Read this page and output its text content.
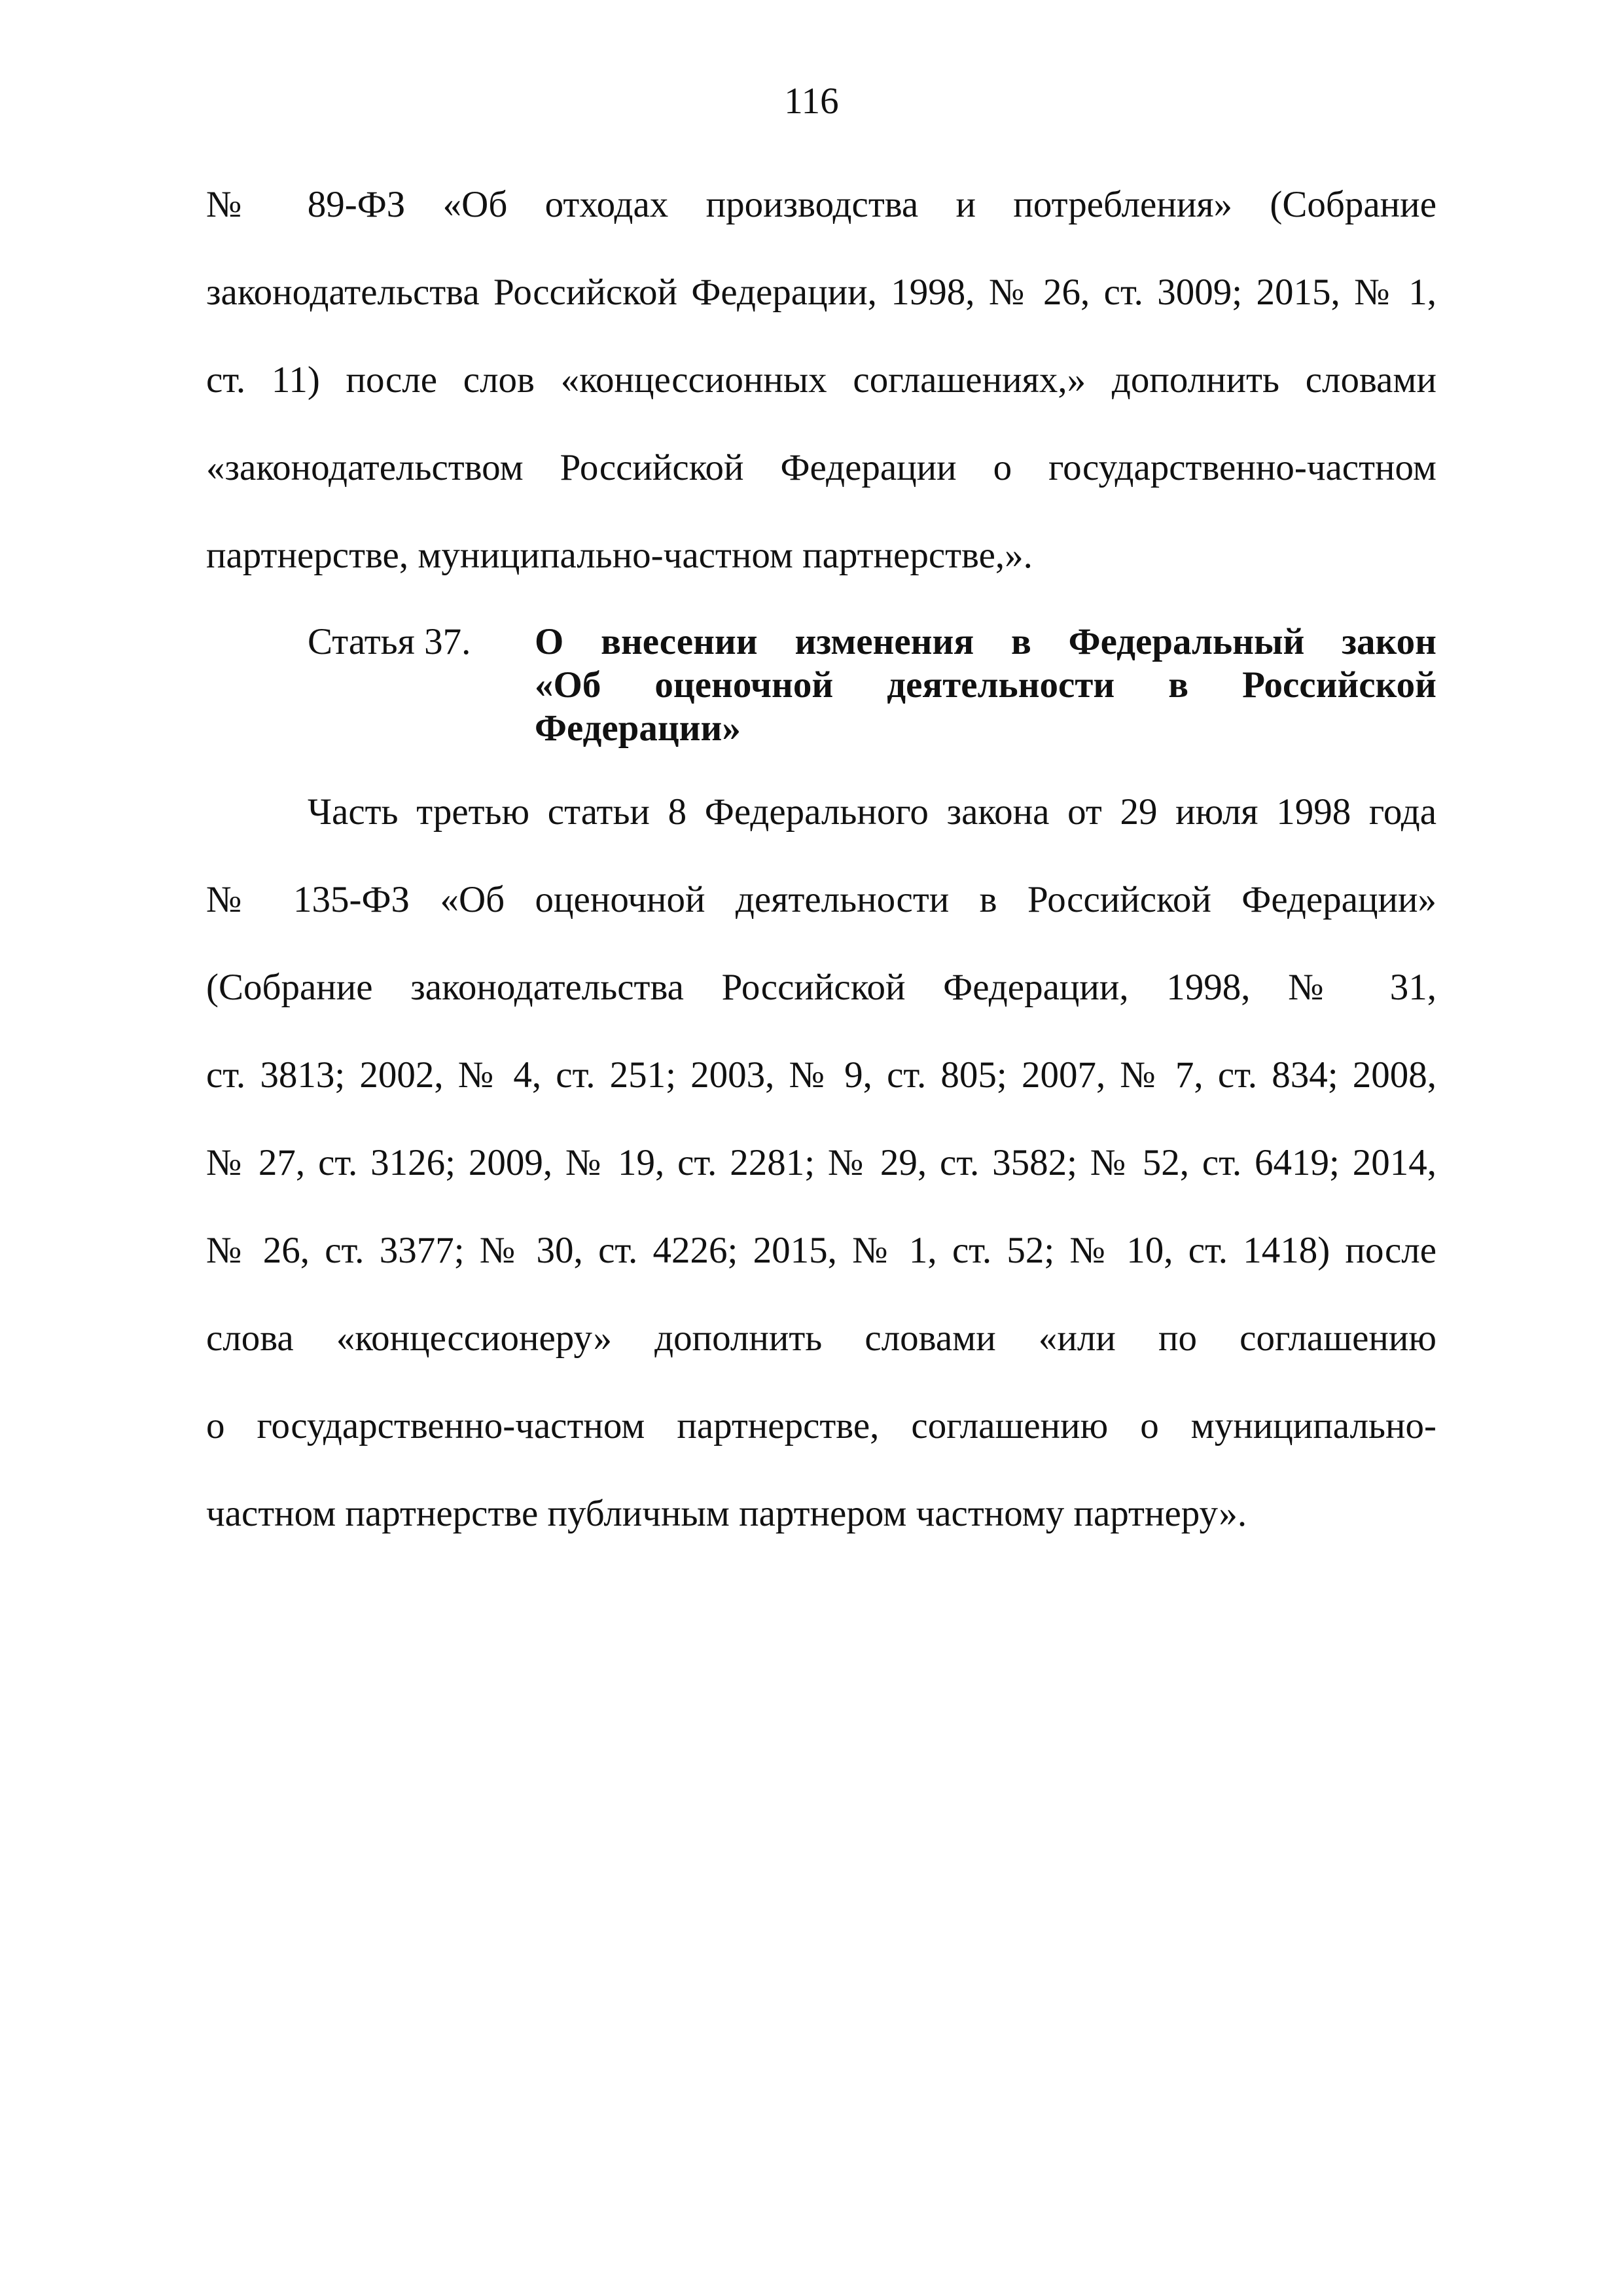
116
№ 89-ФЗ «Об отходах производства и потребления» (Собрание
законодательства Российской Федерации, 1998, № 26, ст. 3009; 2015, № 1,
ст. 11) после слов «концессионных соглашениях,» дополнить словами
«законодательством Российской Федерации о государственно-частном
партнерстве, муниципально-частном партнерстве,».
Статья 37. О внесении изменения в Федеральный закон
«Об оценочной деятельности в Российской
Федерации»
Часть третью статьи 8 Федерального закона от 29 июля 1998 года
№ 135-ФЗ «Об оценочной деятельности в Российской Федерации»
(Собрание законодательства Российской Федерации, 1998, № 31,
ст. 3813; 2002, № 4, ст. 251; 2003, № 9, ст. 805; 2007, № 7, ст. 834; 2008,
№ 27, ст. 3126; 2009, № 19, ст. 2281; № 29, ст. 3582; № 52, ст. 6419; 2014,
№ 26, ст. 3377; № 30, ст. 4226; 2015, № 1, ст. 52; № 10, ст. 1418) после
слова «концессионеру» дополнить словами «или по соглашению
о государственно-частном партнерстве, соглашению о муниципально-
частном партнерстве публичным партнером частному партнеру».
